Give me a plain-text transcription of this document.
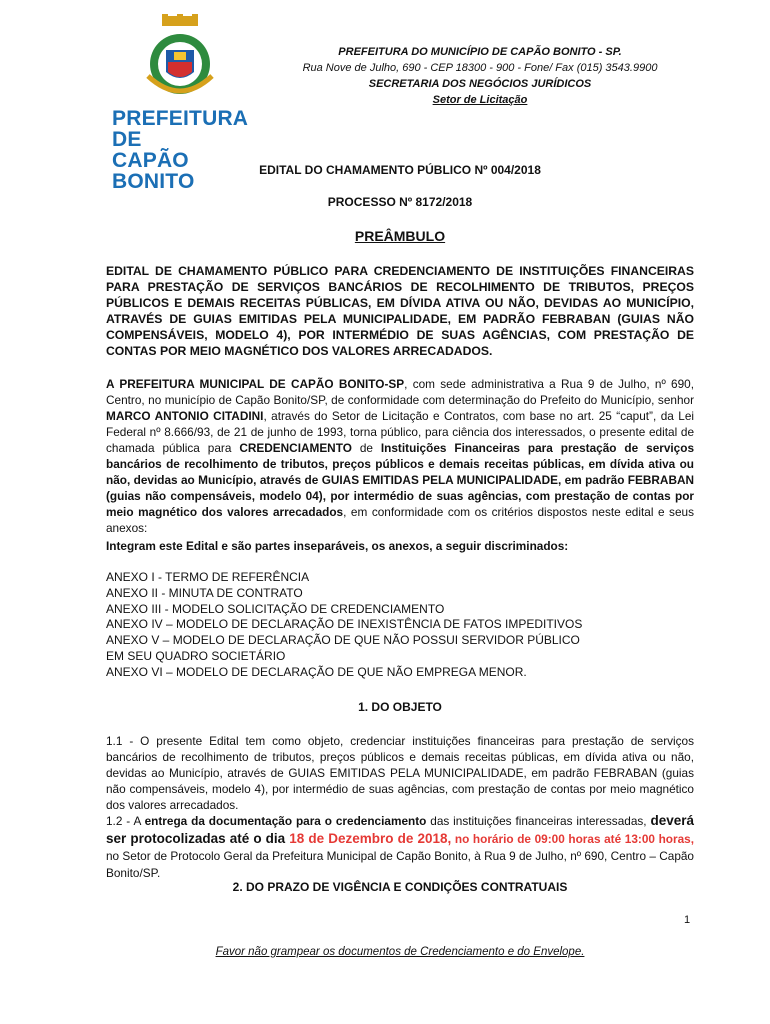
PREFEITURA DE
CAPÃO BONITO
PREFEITURA DO MUNICÍPIO DE CAPÃO BONITO - SP.
Rua Nove de Julho, 690 - CEP 18300 - 900 - Fone/ Fax (015) 3543.9900
SECRETARIA DOS NEGÓCIOS JURÍDICOS
Setor de Licitação
EDITAL DO CHAMAMENTO PÚBLICO Nº 004/2018
PROCESSO Nº 8172/2018
PREÂMBULO
EDITAL DE CHAMAMENTO PÚBLICO PARA CREDENCIAMENTO DE INSTITUIÇÕES FINANCEIRAS PARA PRESTAÇÃO DE SERVIÇOS BANCÁRIOS DE RECOLHIMENTO DE TRIBUTOS, PREÇOS PÚBLICOS E DEMAIS RECEITAS PÚBLICAS, EM DÍVIDA ATIVA OU NÃO, DEVIDAS AO MUNICÍPIO, ATRAVÉS DE GUIAS EMITIDAS PELA MUNICIPALIDADE, EM PADRÃO FEBRABAN (GUIAS NÃO COMPENSÁVEIS, MODELO 4), POR INTERMÉDIO DE SUAS AGÊNCIAS, COM PRESTAÇÃO DE CONTAS POR MEIO MAGNÉTICO DOS VALORES ARRECADADOS.
A PREFEITURA MUNICIPAL DE CAPÃO BONITO-SP, com sede administrativa a Rua 9 de Julho, nº 690, Centro, no município de Capão Bonito/SP, de conformidade com determinação do Prefeito do Município, senhor MARCO ANTONIO CITADINI, através do Setor de Licitação e Contratos, com base no art. 25 “caput”, da Lei Federal nº 8.666/93, de 21 de junho de 1993, torna público, para ciência dos interessados, o presente edital de chamada pública para CREDENCIAMENTO de Instituições Financeiras para prestação de serviços bancários de recolhimento de tributos, preços públicos e demais receitas públicas, em dívida ativa ou não, devidas ao Município, através de GUIAS EMITIDAS PELA MUNICIPALIDADE, em padrão FEBRABAN (guias não compensáveis, modelo 04), por intermédio de suas agências, com prestação de contas por meio magnético dos valores arrecadados, em conformidade com os critérios dispostos neste edital e seus anexos:
Integram este Edital e são partes inseparáveis, os anexos, a seguir discriminados:
ANEXO I - TERMO DE REFERÊNCIA
ANEXO II - MINUTA DE CONTRATO
ANEXO III - MODELO SOLICITAÇÃO DE CREDENCIAMENTO
ANEXO IV – MODELO DE DECLARAÇÃO DE INEXISTÊNCIA DE FATOS IMPEDITIVOS
ANEXO V – MODELO DE DECLARAÇÃO DE QUE NÃO POSSUI SERVIDOR PÚBLICO
EM SEU QUADRO SOCIETÁRIO
ANEXO VI – MODELO DE DECLARAÇÃO DE QUE NÃO EMPREGA MENOR.
1. DO OBJETO
1.1 - O presente Edital tem como objeto, credenciar instituições financeiras para prestação de serviços bancários de recolhimento de tributos, preços públicos e demais receitas públicas, em dívida ativa ou não, devidas ao Município, através de GUIAS EMITIDAS PELA MUNICIPALIDADE, em padrão FEBRABAN (guias não compensáveis, modelo 4), por intermédio de suas agências, com prestação de contas por meio magnético dos valores arrecadados.
1.2 - A entrega da documentação para o credenciamento das instituições financeiras interessadas, deverá ser protocolizadas até o dia 18 de Dezembro de 2018, no horário de 09:00 horas até 13:00 horas, no Setor de Protocolo Geral da Prefeitura Municipal de Capão Bonito, à Rua 9 de Julho, nº 690, Centro – Capão Bonito/SP.
2. DO PRAZO DE VIGÊNCIA E CONDIÇÕES CONTRATUAIS
1
Favor não grampear os documentos de Credenciamento e do Envelope.
